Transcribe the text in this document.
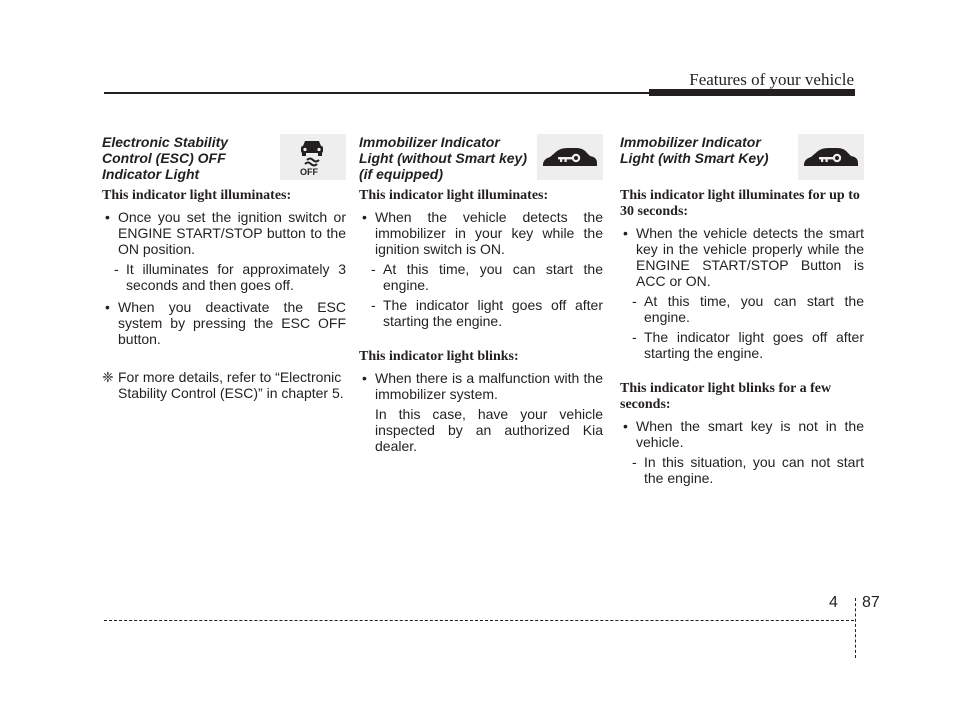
Features of your vehicle
Electronic Stability Control (ESC) OFF Indicator Light	OFF
This indicator light illuminates:
• Once you set the ignition switch or ENGINE START/STOP button to the ON position.
- It illuminates for approximately 3 seconds and then goes off.
• When you deactivate the ESC system by pressing the ESC OFF button.
❈ For more details, refer to “Electronic Stability Control (ESC)” in chapter 5.
Immobilizer Indicator Light (without Smart key) (if equipped)
This indicator light illuminates:
• When the vehicle detects the immobilizer in your key while the ignition switch is ON.
- At this time, you can start the engine.
- The indicator light goes off after starting the engine.
This indicator light blinks:
• When there is a malfunction with the immobilizer system.
In this case, have your vehicle inspected by an authorized Kia dealer.
Immobilizer Indicator Light (with Smart Key)
This indicator light illuminates for up to 30 seconds:
• When the vehicle detects the smart key in the vehicle properly while the ENGINE START/STOP Button is ACC or ON.
- At this time, you can start the engine.
- The indicator light goes off after starting the engine.
This indicator light blinks for a few seconds:
• When the smart key is not in the vehicle.
- In this situation, you can not start the engine.
4 87
